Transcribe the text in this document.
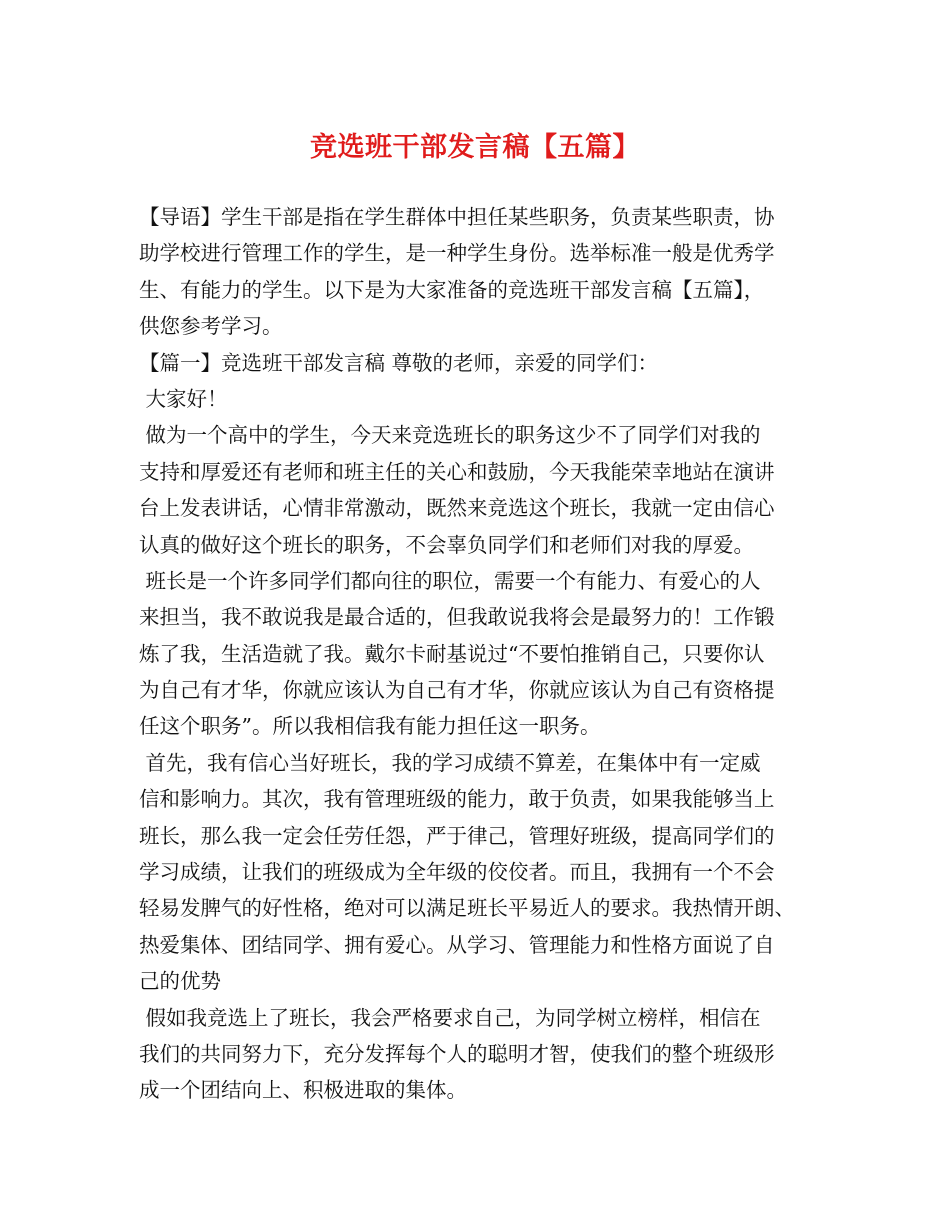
竞选班干部发言稿【五篇】
【导语】学生干部是指在学生群体中担任某些职务，负责某些职责，协
助学校进行管理工作的学生，是一种学生身份。选举标准一般是优秀学
生、有能力的学生。以下是为大家准备的竞选班干部发言稿【五篇】，
供您参考学习。
【篇一】竞选班干部发言稿 尊敬的老师，亲爱的同学们：
大家好！
做为一个高中的学生，今天来竞选班长的职务这少不了同学们对我的
支持和厚爱还有老师和班主任的关心和鼓励，今天我能荣幸地站在演讲
台上发表讲话，心情非常激动，既然来竞选这个班长，我就一定由信心
认真的做好这个班长的职务，不会辜负同学们和老师们对我的厚爱。
班长是一个许多同学们都向往的职位，需要一个有能力、有爱心的人
来担当，我不敢说我是最合适的，但我敢说我将会是最努力的！工作锻
炼了我，生活造就了我。戴尔卡耐基说过“不要怕推销自己，只要你认
为自己有才华，你就应该认为自己有才华，你就应该认为自己有资格提
任这个职务”。所以我相信我有能力担任这一职务。
首先，我有信心当好班长，我的学习成绩不算差，在集体中有一定威
信和影响力。其次，我有管理班级的能力，敢于负责，如果我能够当上
班长，那么我一定会任劳任怨，严于律己，管理好班级，提高同学们的
学习成绩，让我们的班级成为全年级的佼佼者。而且，我拥有一个不会
轻易发脾气的好性格，绝对可以满足班长平易近人的要求。我热情开朗、
热爱集体、团结同学、拥有爱心。从学习、管理能力和性格方面说了自
己的优势
假如我竞选上了班长，我会严格要求自己，为同学树立榜样，相信在
我们的共同努力下，充分发挥每个人的聪明才智，使我们的整个班级形
成一个团结向上、积极进取的集体。
